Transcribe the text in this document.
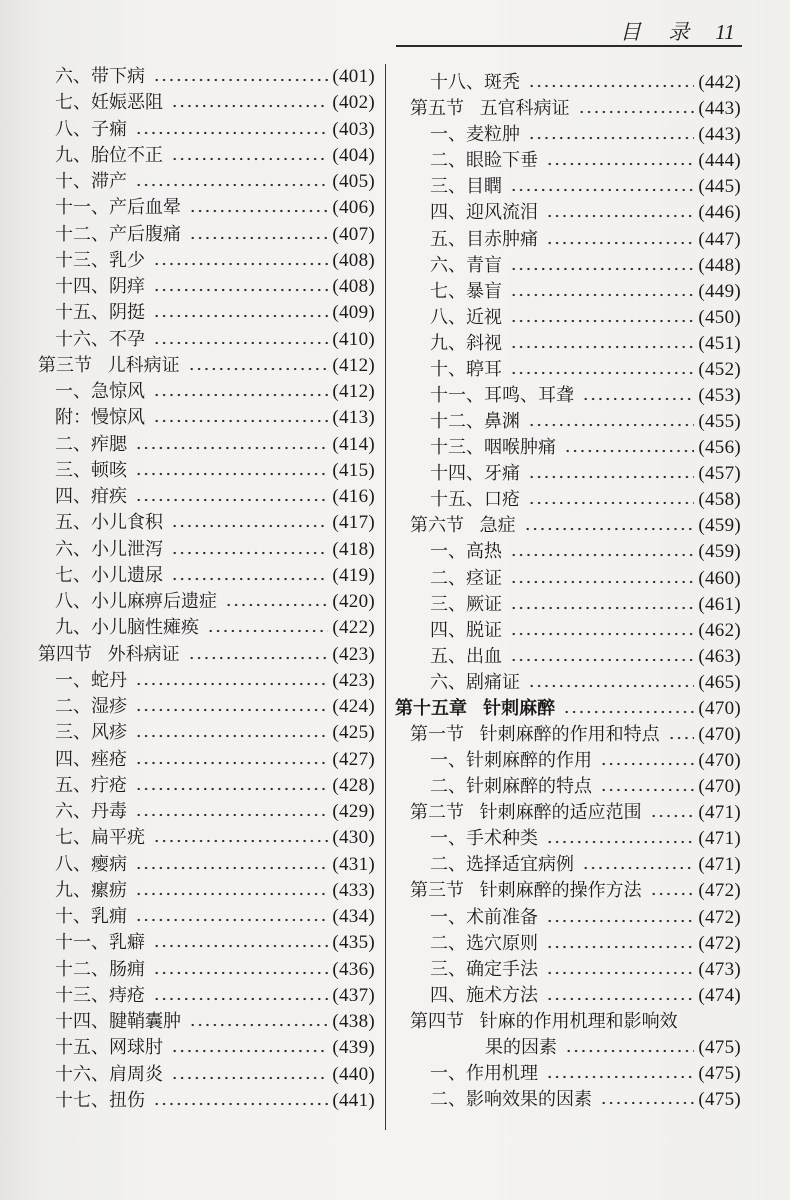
目 录 11
六、带下病	(401)
七、妊娠恶阻	(402)
八、子痫	(403)
九、胎位不正	(404)
十、滞产	(405)
十一、产后血晕	(406)
十二、产后腹痛	(407)
十三、乳少	(408)
十四、阴痒	(408)
十五、阴挺	(409)
十六、不孕	(410)
第三节 儿科病证	(412)
一、急惊风	(412)
附：慢惊风	(413)
二、痄腮	(414)
三、顿咳	(415)
四、疳疾	(416)
五、小儿食积	(417)
六、小儿泄泻	(418)
七、小儿遗尿	(419)
八、小儿麻痹后遗症	(420)
九、小儿脑性瘫痪	(422)
第四节 外科病证	(423)
一、蛇丹	(423)
二、湿疹	(424)
三、风疹	(425)
四、痤疮	(427)
五、疔疮	(428)
六、丹毒	(429)
七、扁平疣	(430)
八、瘿病	(431)
九、瘰疬	(433)
十、乳痈	(434)
十一、乳癖	(435)
十二、肠痈	(436)
十三、痔疮	(437)
十四、腱鞘囊肿	(438)
十五、网球肘	(439)
十六、肩周炎	(440)
十七、扭伤	(441)
十八、斑秃	(442)
第五节 五官科病证	(443)
一、麦粒肿	(443)
二、眼睑下垂	(444)
三、目瞤	(445)
四、迎风流泪	(446)
五、目赤肿痛	(447)
六、青盲	(448)
七、暴盲	(449)
八、近视	(450)
九、斜视	(451)
十、聤耳	(452)
十一、耳鸣、耳聋	(453)
十二、鼻渊	(455)
十三、咽喉肿痛	(456)
十四、牙痛	(457)
十五、口疮	(458)
第六节 急症	(459)
一、高热	(459)
二、痉证	(460)
三、厥证	(461)
四、脱证	(462)
五、出血	(463)
六、剧痛证	(465)
第十五章 针刺麻醉	(470)
第一节 针刺麻醉的作用和特点 (470)
一、针刺麻醉的作用	(470)
二、针刺麻醉的特点	(470)
第二节 针刺麻醉的适应范围	(471)
一、手术种类	(471)
二、选择适宜病例	(471)
第三节 针刺麻醉的操作方法	(472)
一、术前准备	(472)
二、选穴原则	(472)
三、确定手法	(473)
四、施术方法	(474)
第四节 针麻的作用机理和影响效
果的因素	(475)
一、作用机理	(475)
二、影响效果的因素	(475)
